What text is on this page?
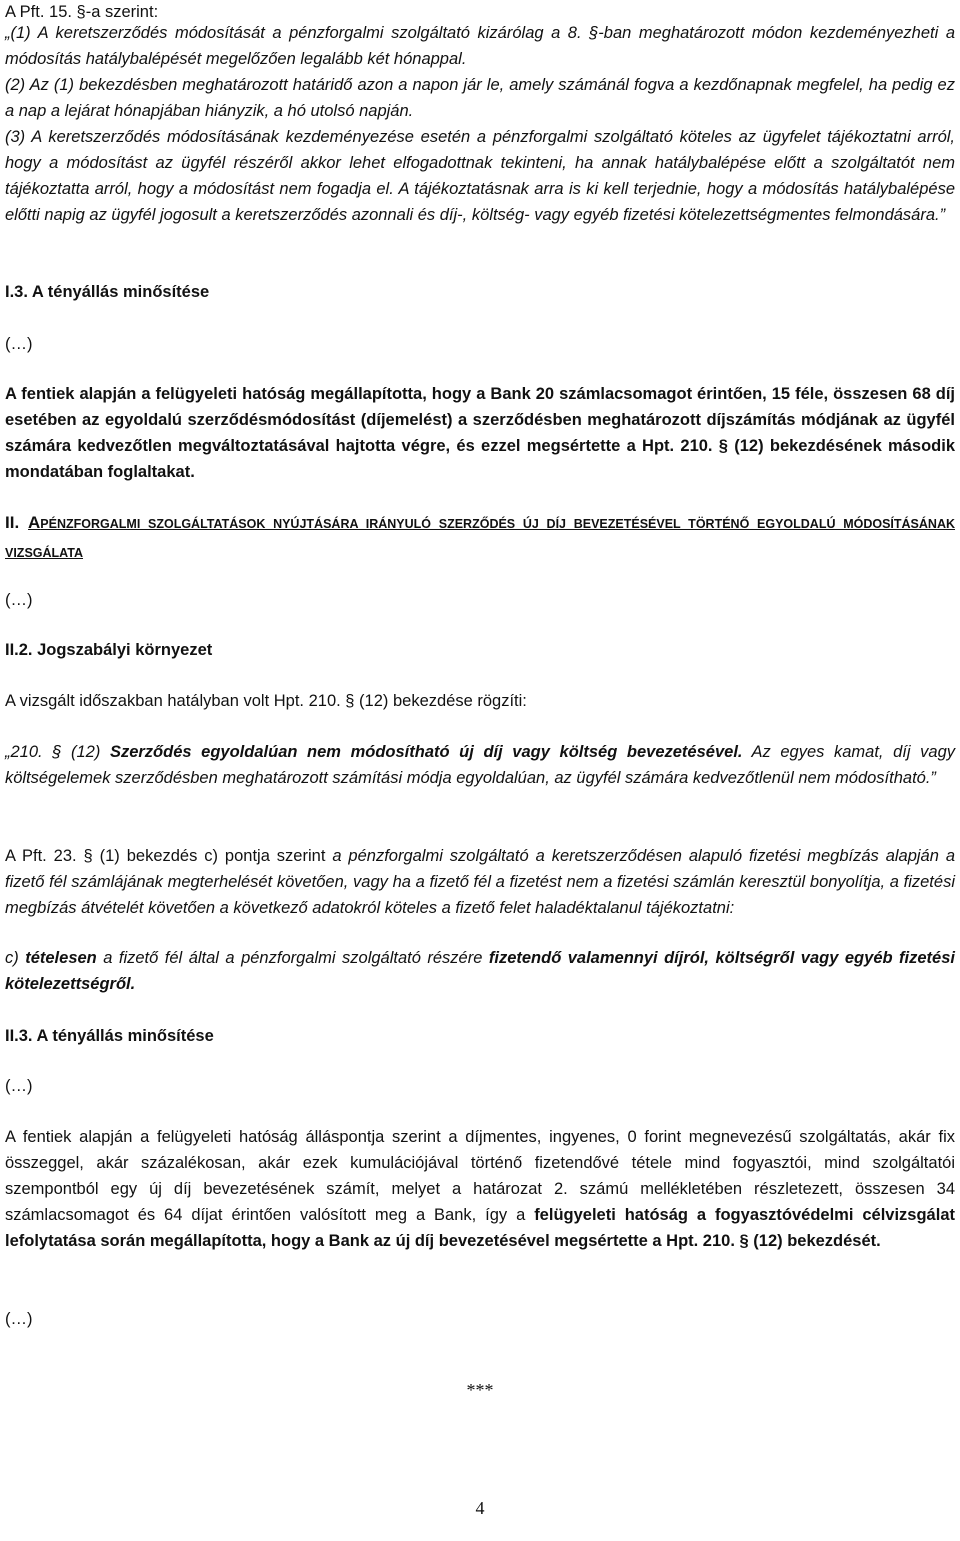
A Pft. 15. §-a szerint:

„(1) A keretszerződés módosítását a pénzforgalmi szolgáltató kizárólag a 8. §-ban meghatározott módon kezdeményezheti a módosítás hatálybalépését megelőzően legalább két hónappal.

(2) Az (1) bekezdésben meghatározott határidő azon a napon jár le, amely számánál fogva a kezdőnapnak megfelel, ha pedig ez a nap a lejárat hónapjában hiányzik, a hó utolsó napján.

(3) A keretszerződés módosításának kezdeményezése esetén a pénzforgalmi szolgáltató köteles az ügyfelet tájékoztatni arról, hogy a módosítást az ügyfél részéről akkor lehet elfogadottnak tekinteni, ha annak hatálybalépése előtt a szolgáltatót nem tájékoztatta arról, hogy a módosítást nem fogadja el. A tájékoztatásnak arra is ki kell terjednie, hogy a módosítás hatálybalépése előtti napig az ügyfél jogosult a keretszerződés azonnali és díj-, költség- vagy egyéb fizetési kötelezettségmentes felmondására.”

I.3. A tényállás minősítése

(…)

A fentiek alapján a felügyeleti hatóság megállapította, hogy a Bank 20 számlacsomagot érintően, 15 féle, összesen 68 díj esetében az egyoldalú szerződésmódosítást (díjemelést) a szerződésben meghatározott díjszámítás módjának az ügyfél számára kedvezőtlen megváltoztatásával hajtotta végre, és ezzel megsértette a Hpt. 210. § (12) bekezdésének második mondatában foglaltakat.

II. APÉNZFORGALMI SZOLGÁLTATÁSOK NYÚJTÁSÁRA IRÁNYULÓ SZERZŐDÉS ÚJ DÍJ BEVEZETÉSÉVEL TÖRTÉNŐ EGYOLDALÚ MÓDOSÍTÁSÁNAK VIZSGÁLATA

(…)

II.2. Jogszabályi környezet

A vizsgált időszakban hatályban volt Hpt. 210. § (12) bekezdése rögzíti:

„210. § (12) Szerződés egyoldalúan nem módosítható új díj vagy költség bevezetésével. Az egyes kamat, díj vagy költségelemek szerződésben meghatározott számítási módja egyoldalúan, az ügyfél számára kedvezőtlenül nem módosítható.”

A Pft. 23. § (1) bekezdés c) pontja szerint a pénzforgalmi szolgáltató a keretszerződésen alapuló fizetési megbízás alapján a fizető fél számlájának megterhelését követően, vagy ha a fizető fél a fizetést nem a fizetési számlán keresztül bonyolítja, a fizetési megbízás átvételét követően a következő adatokról köteles a fizető felet haladéktalanul tájékoztatni:

c) tételesen a fizető fél által a pénzforgalmi szolgáltató részére fizetendő valamennyi díjról, költségről vagy egyéb fizetési kötelezettségről.

II.3. A tényállás minősítése

(…)

A fentiek alapján a felügyeleti hatóság álláspontja szerint a díjmentes, ingyenes, 0 forint megnevezésű szolgáltatás, akár fix összeggel, akár százalékosan, akár ezek kumulációjával történő fizetendővé tétele mind fogyasztói, mind szolgáltatói szempontból egy új díj bevezetésének számít, melyet a határozat 2. számú mellékletében részletezett, összesen 34 számlacsomagot és 64 díjat érintően valósított meg a Bank, így a felügyeleti hatóság a fogyasztóvédelmi célvizsgálat lefolytatása során megállapította, hogy a Bank az új díj bevezetésével megsértette a Hpt. 210. § (12) bekezdését.

(…)

***

4
